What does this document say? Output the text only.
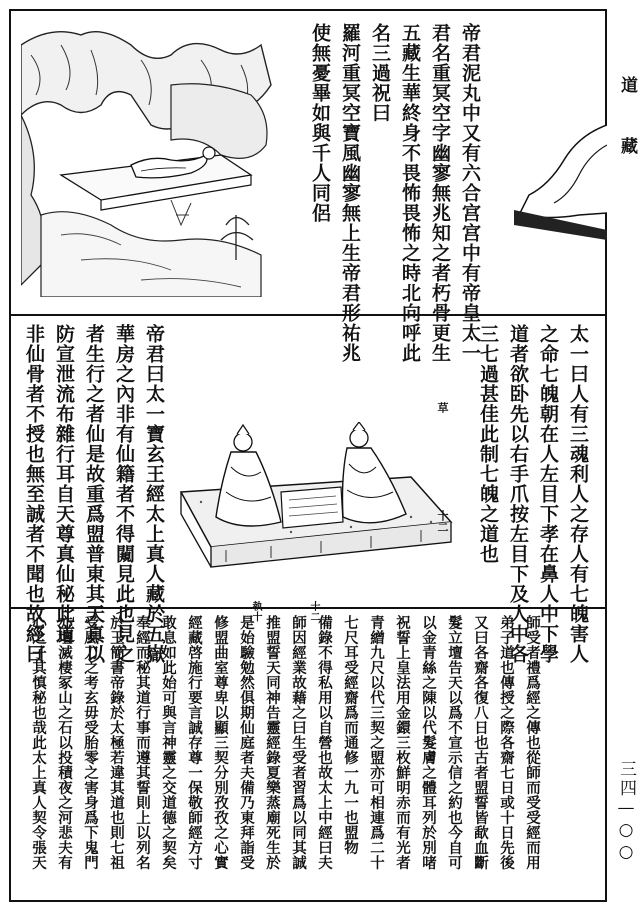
帝君泥丸中又有六合宫宫中有帝皇太一
君名重冥空字幽寥無兆知之者朽骨更生
五藏生華終身不畏怖畏怖之時北向呼此
名三過祝曰
羅河重冥空寶風幽寥無上生帝君形祐兆
使無憂畢如與千人同侶
帝君曰太一寶玄王經太上真人藏於五嶽
華房之內非有仙籍者不得闚見此也見之
者生行之者仙是故重爲盟普東其天真以
防宣泄流布雜行耳自天尊真仙秘此道
非仙骨者不授也無至誠者不聞也故經曰	草
十二	太一曰人有三魂利人之存人有七魄害人
之命七魄朝在人左目下孝在鼻人中下學
道者欲卧先以右手爪按左目下及人中各
三七過甚佳此制七魄之道也
師受者禮爲經之傳也從師而受受經而用
弟子道也傳授之際各齋七日或十日先後
又曰各齋各復八日也古者盟誓皆歃血斷
髮立壇告天以爲不宣示信之約也今自可
以金青絲之陳以代髮膚之體耳列於別啫
祝誓上皇法用金鐶三枚鮮明赤而有光者
青繒九尺以代三契之盟亦可相連爲二十
七尺耳受經齋爲而通修一九一也盟物
備錄不得私用以自營也故太上中經曰夫
師因經業故藉之曰生受者習爲以同其誠
推盟誓天同神告靈經錄夏樂蒸廟死生於
是始驗勉然俱期仙庭者夫備乃東拜詣受
修盟曲室尊卑以顯三契分別孜孜之心實
經藏啓施行要言誠存尊一保敬師經方寸
敢息如此始可與言神靈之交道德之契矣
奉經而秘其道行事而遵其誓則上以列名
於玉簡書帝錄於太極若違其道也則七祖
受風刀之考玄毋受胎零之害身爲下鬼門
亦壇滅棲冢山之石以投積夜之河悲夫有
心之子其慎秘也哉此太上真人契令張天
執十	十二
道 藏
三四—○○
